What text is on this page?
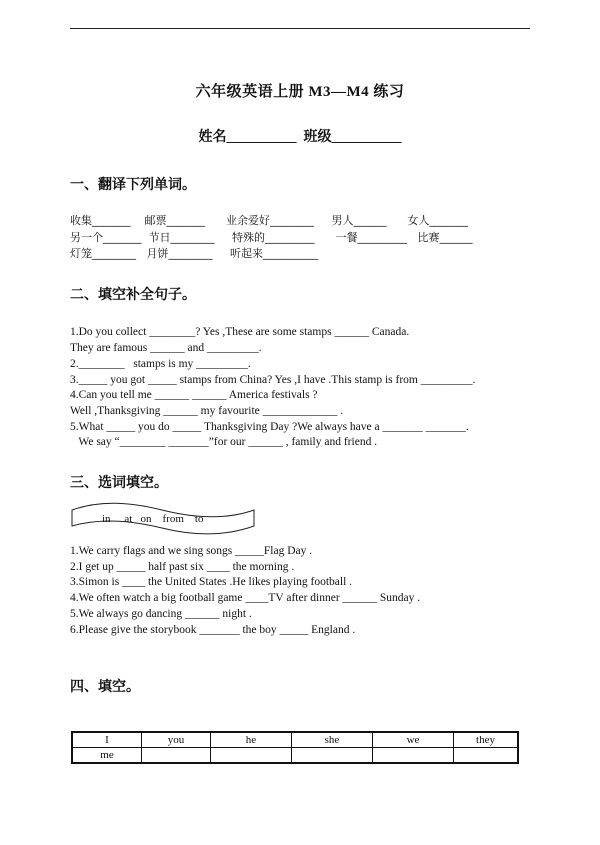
六年级英语上册 M3—M4 练习
姓名__________ 班级__________
一、翻译下列单词。
收集_______    邮票_______      业余爱好________     男人______      女人_______
另一个_______  节日________     特殊的_________      一餐_________   比赛______
灯笼________   月饼________     听起来__________
二、填空补全句子。
1.Do you collect ________? Yes ,These are some stamps ______ Canada.
They are famous ______ and _________.
2.________   stamps is my _________.
3._____ you got _____ stamps from China? Yes ,I have .This stamp is from _________.
4.Can you tell me ______ ______ America festivals ?
Well ,Thanksgiving ______ my favourite _____________ .
5.What _____ you do _____ Thanksgiving Day ?We always have a _______ _______.
We say “________ _______”for our ______ , family and friend .
三、选词填空。
in at on from to
1.We carry flags and we sing songs _____Flag Day .
2.I get up _____ half past six ____ the morning .
3.Simon is ____ the United States .He likes playing football .
4.We often watch a big football game ____TV after dinner ______ Sunday .
5.We always go dancing ______ night .
6.Please give the storybook _______ the boy _____ England .
四、填空。
I	you	he	she	we	they
me					
